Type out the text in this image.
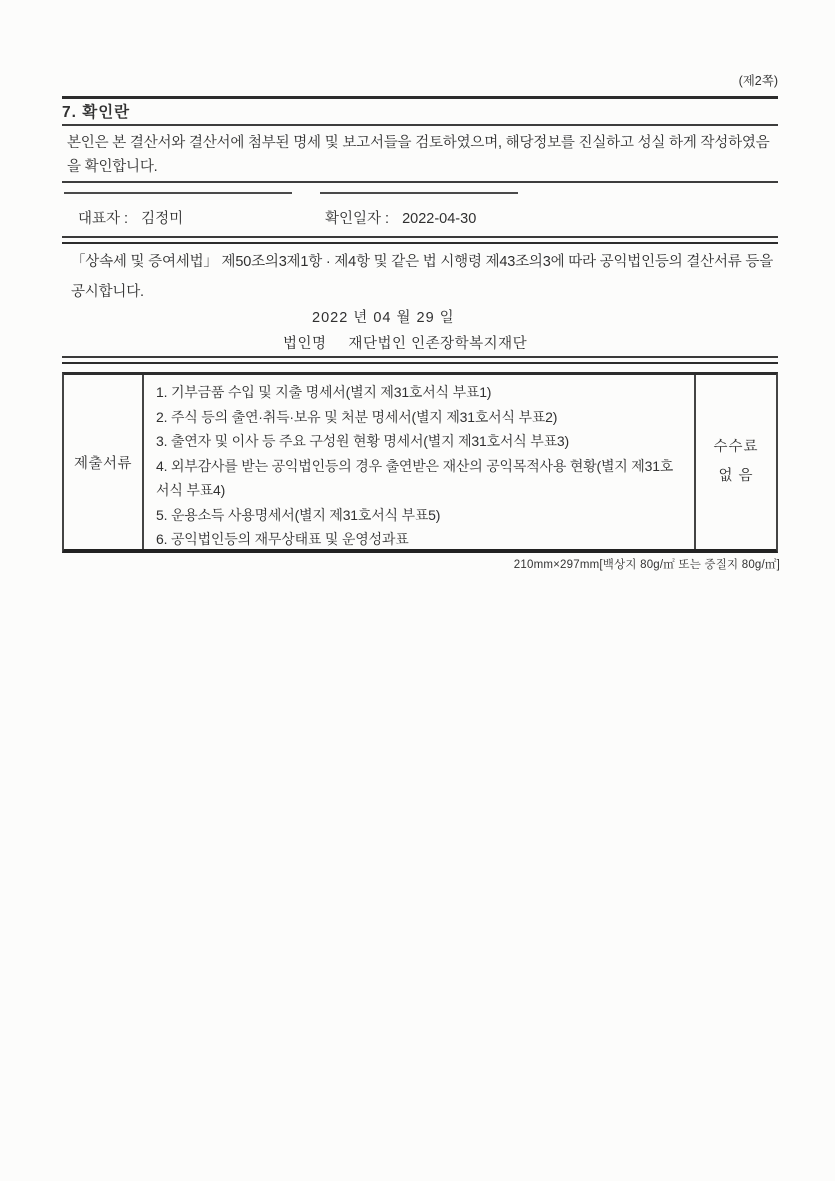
(제2쪽)
7. 확인란
본인은 본 결산서와 결산서에 첨부된 명세 및 보고서들을 검토하였으며, 해당정보를 진실하고 성실 하게 작성하였음을 확인합니다.
대표자 : 김정미	확인일자 : 2022-04-30
「상속세 및 증여세법」 제50조의3제1항 · 제4항 및 같은 법 시행령 제43조의3에 따라 공익법인등의 결산서류 등을 공시합니다.
2022 년 04 월 29 일
법인명 재단법인 인존장학복지재단
제출서류
1. 기부금품 수입 및 지출 명세서(별지 제31호서식 부표1)
2. 주식 등의 출연·취득·보유 및 처분 명세서(별지 제31호서식 부표2)
3. 출연자 및 이사 등 주요 구성원 현황 명세서(별지 제31호서식 부표3)
4. 외부감사를 받는 공익법인등의 경우 출연받은 재산의 공익목적사용 현황(별지 제31호서식 부표4)
5. 운용소득 사용명세서(별지 제31호서식 부표5)
6. 공익법인등의 재무상태표 및 운영성과표
수수료
없 음
210mm×297mm[백상지 80g/㎡ 또는 중질지 80g/㎡]
